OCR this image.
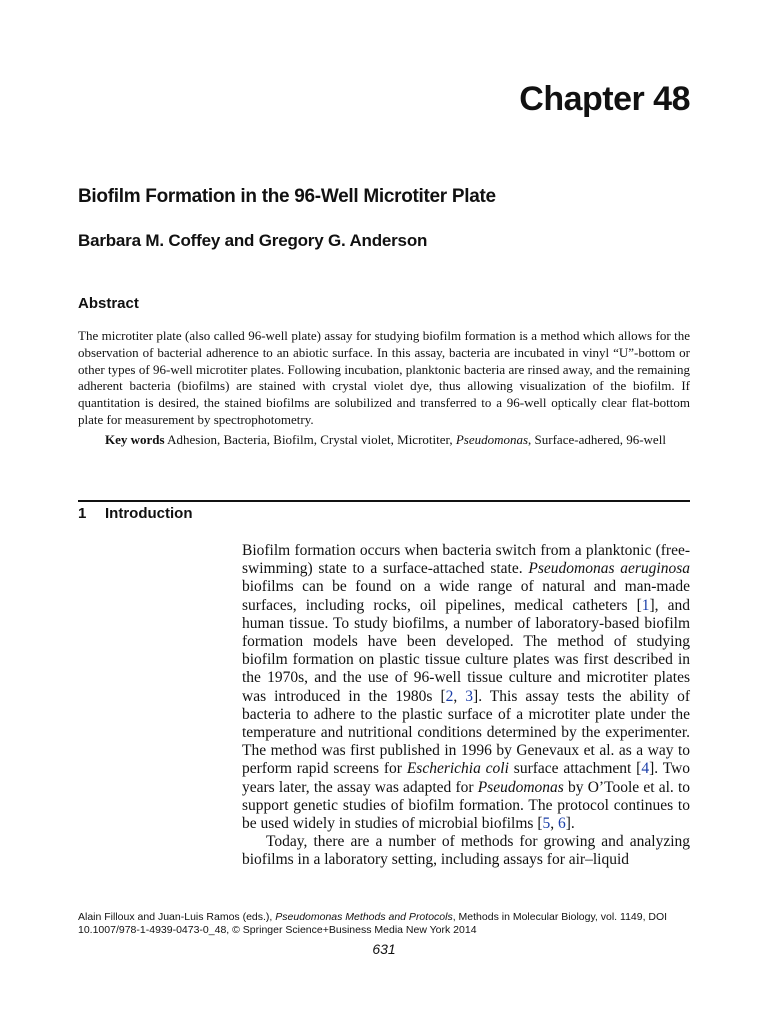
Chapter 48
Biofilm Formation in the 96-Well Microtiter Plate
Barbara M. Coffey and Gregory G. Anderson
Abstract
The microtiter plate (also called 96-well plate) assay for studying biofilm formation is a method which allows for the observation of bacterial adherence to an abiotic surface. In this assay, bacteria are incubated in vinyl “U”-bottom or other types of 96-well microtiter plates. Following incubation, planktonic bacteria are rinsed away, and the remaining adherent bacteria (biofilms) are stained with crystal violet dye, thus allowing visualization of the biofilm. If quantitation is desired, the stained biofilms are solubilized and transferred to a 96-well optically clear flat-bottom plate for measurement by spectrophotometry.
Key words Adhesion, Bacteria, Biofilm, Crystal violet, Microtiter, Pseudomonas, Surface-adhered, 96-well
1 Introduction

Biofilm formation occurs when bacteria switch from a planktonic (free-swimming) state to a surface-attached state. Pseudomonas aeruginosa biofilms can be found on a wide range of natural and man-made surfaces, including rocks, oil pipelines, medical catheters [1], and human tissue. To study biofilms, a number of laboratory-based biofilm formation models have been developed. The method of studying biofilm formation on plastic tissue culture plates was first described in the 1970s, and the use of 96-well tissue culture and microtiter plates was introduced in the 1980s [2, 3]. This assay tests the ability of bacteria to adhere to the plastic surface of a microtiter plate under the temperature and nutritional conditions determined by the experimenter. The method was first published in 1996 by Genevaux et al. as a way to perform rapid screens for Escherichia coli surface attachment [4]. Two years later, the assay was adapted for Pseudomonas by O’Toole et al. to support genetic studies of biofilm formation. The protocol continues to be used widely in studies of microbial biofilms [5, 6].

Today, there are a number of methods for growing and analyzing biofilms in a laboratory setting, including assays for air–liquid

Alain Filloux and Juan-Luis Ramos (eds.), Pseudomonas Methods and Protocols, Methods in Molecular Biology, vol. 1149, DOI 10.1007/978-1-4939-0473-0_48, © Springer Science+Business Media New York 2014
631
